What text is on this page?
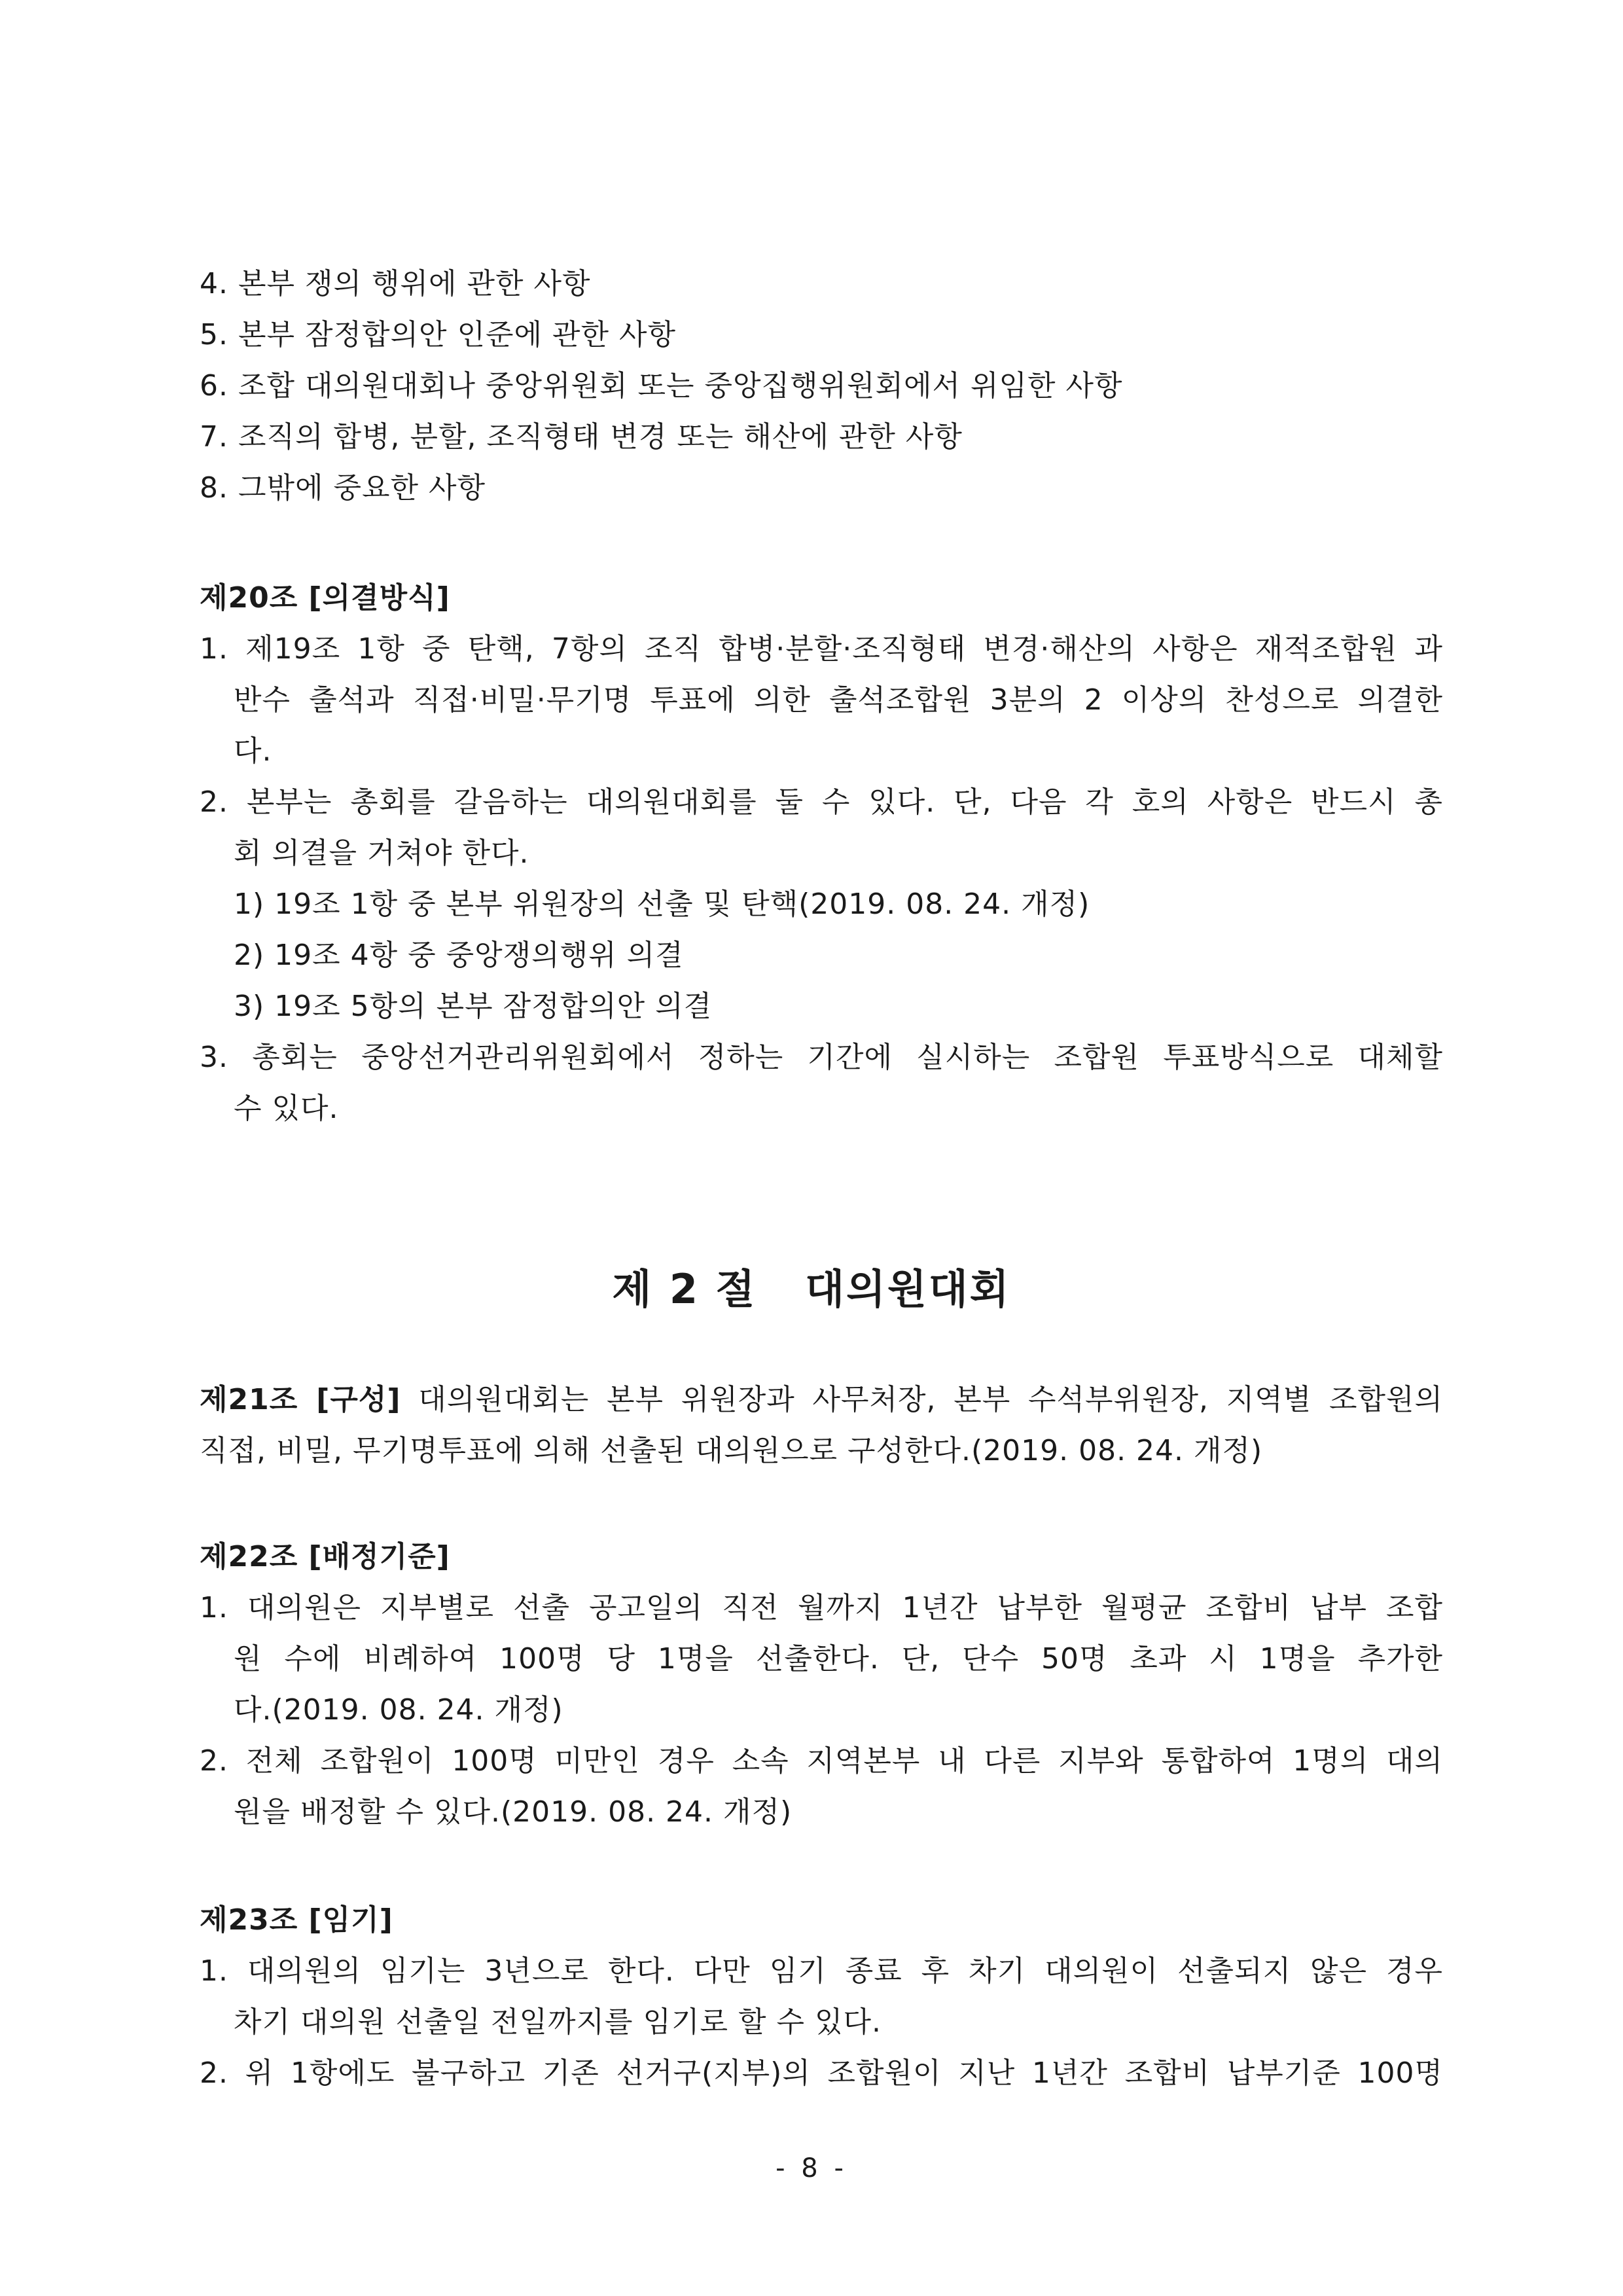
4. 본부 쟁의 행위에 관한 사항
5. 본부 잠정합의안 인준에 관한 사항
6. 조합 대의원대회나 중앙위원회 또는 중앙집행위원회에서 위임한 사항
7. 조직의 합병, 분할, 조직형태 변경 또는 해산에 관한 사항
8. 그밖에 중요한 사항
제20조 [의결방식]
1. 제19조 1항 중 탄핵, 7항의 조직 합병·분할·조직형태 변경·해산의 사항은 재적조합원 과
반수 출석과 직접·비밀·무기명 투표에 의한 출석조합원 3분의 2 이상의 찬성으로 의결한
다.
2. 본부는 총회를 갈음하는 대의원대회를 둘 수 있다. 단, 다음 각 호의 사항은 반드시 총
회 의결을 거쳐야 한다.
1) 19조 1항 중 본부 위원장의 선출 및 탄핵(2019. 08. 24. 개정)
2) 19조 4항 중 중앙쟁의행위 의결
3) 19조 5항의 본부 잠정합의안 의결
3. 총회는 중앙선거관리위원회에서 정하는 기간에 실시하는 조합원 투표방식으로 대체할
수 있다.
제 2 절   대의원대회
제21조 [구성] 대의원대회는 본부 위원장과 사무처장, 본부 수석부위원장, 지역별 조합원의
직접, 비밀, 무기명투표에 의해 선출된 대의원으로 구성한다.(2019. 08. 24. 개정)
제22조 [배정기준]
1. 대의원은 지부별로 선출 공고일의 직전 월까지 1년간 납부한 월평균 조합비 납부 조합
원 수에 비례하여 100명 당 1명을 선출한다. 단, 단수 50명 초과 시 1명을 추가한
다.(2019. 08. 24. 개정)
2. 전체 조합원이 100명 미만인 경우 소속 지역본부 내 다른 지부와 통합하여 1명의 대의
원을 배정할 수 있다.(2019. 08. 24. 개정)
제23조 [임기]
1. 대의원의 임기는 3년으로 한다. 다만 임기 종료 후 차기 대의원이 선출되지 않은 경우
차기 대의원 선출일 전일까지를 임기로 할 수 있다.
2. 위 1항에도 불구하고 기존 선거구(지부)의 조합원이 지난 1년간 조합비 납부기준 100명
- 8 -
